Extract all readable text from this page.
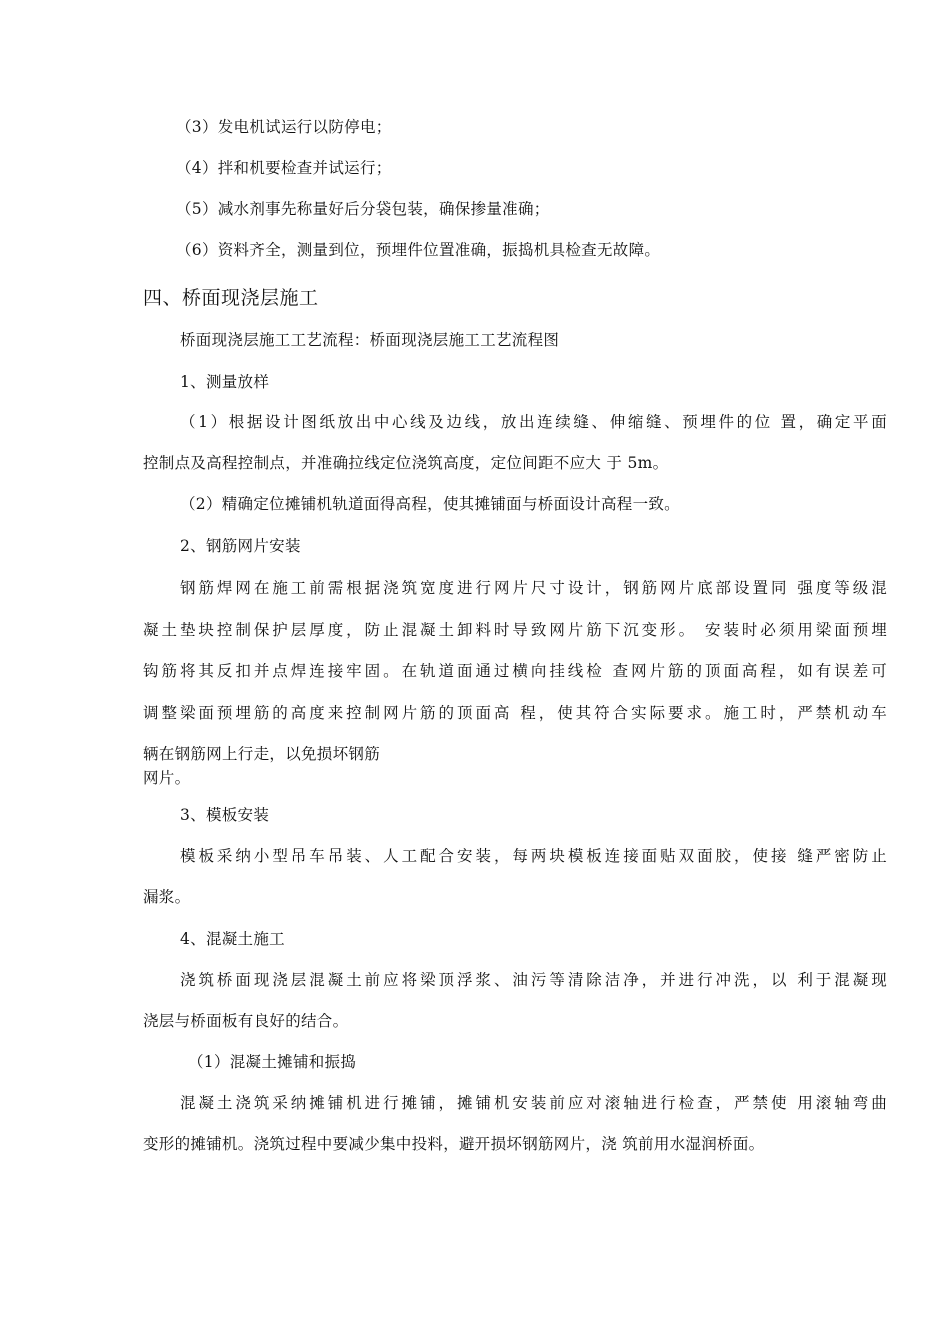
（3）发电机试运行以防停电；
（4）拌和机要检查并试运行；
（5）减水剂事先称量好后分袋包装，确保掺量准确；
（6）资料齐全，测量到位，预埋件位置准确，振捣机具检查无故障。
四、桥面现浇层施工
桥面现浇层施工工艺流程：桥面现浇层施工工艺流程图
1、测量放样
（1）根据设计图纸放出中心线及边线，放出连续缝、伸缩缝、预埋件的位 置，确定平面
控制点及高程控制点，并准确拉线定位浇筑高度，定位间距不应大 于 5m。
（2）精确定位摊铺机轨道面得高程，使其摊铺面与桥面设计高程一致。
2、钢筋网片安装
钢筋焊网在施工前需根据浇筑宽度进行网片尺寸设计，钢筋网片底部设置同 强度等级混
凝土垫块控制保护层厚度，防止混凝土卸料时导致网片筋下沉变形。 安装时必须用梁面预埋
钩筋将其反扣并点焊连接牢固。在轨道面通过横向挂线检 查网片筋的顶面高程，如有误差可
调整梁面预埋筋的高度来控制网片筋的顶面高 程，使其符合实际要求。施工时，严禁机动车
辆在钢筋网上行走，以免损坏钢筋
网片。
3、模板安装
模板采纳小型吊车吊装、人工配合安装，每两块模板连接面贴双面胶，使接 缝严密防止
漏浆。
4、混凝土施工
浇筑桥面现浇层混凝土前应将梁顶浮浆、油污等清除洁净，并进行冲洗，以 利于混凝现
浇层与桥面板有良好的结合。
（1）混凝土摊铺和振捣
混凝土浇筑采纳摊铺机进行摊铺，摊铺机安装前应对滚轴进行检查，严禁使 用滚轴弯曲
变形的摊铺机。浇筑过程中要减少集中投料，避开损坏钢筋网片，浇 筑前用水湿润桥面。
